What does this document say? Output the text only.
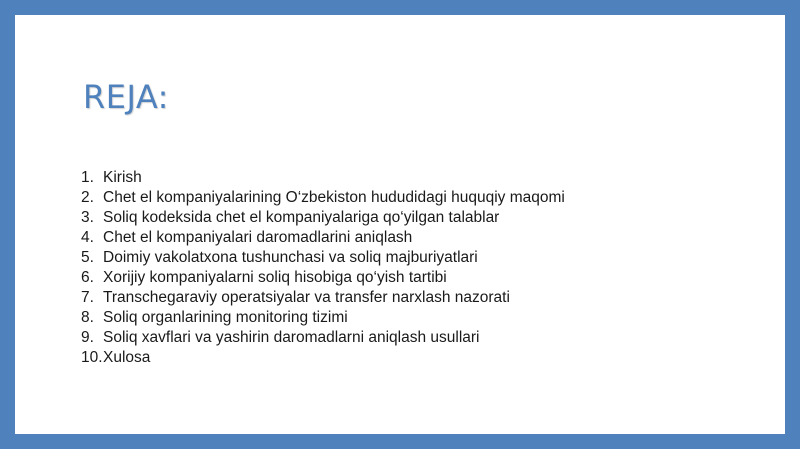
REJA:
1. Kirish
2. Chet el kompaniyalarining O‘zbekiston hududidagi huquqiy maqomi
3. Soliq kodeksida chet el kompaniyalariga qo‘yilgan talablar
4. Chet el kompaniyalari daromadlarini aniqlash
5. Doimiy vakolatxona tushunchasi va soliq majburiyatlari
6. Xorijiy kompaniyalarni soliq hisobiga qo‘yish tartibi
7. Transchegaraviy operatsiyalar va transfer narxlash nazorati
8. Soliq organlarining monitoring tizimi
9. Soliq xavflari va yashirin daromadlarni aniqlash usullari
10. Xulosa
